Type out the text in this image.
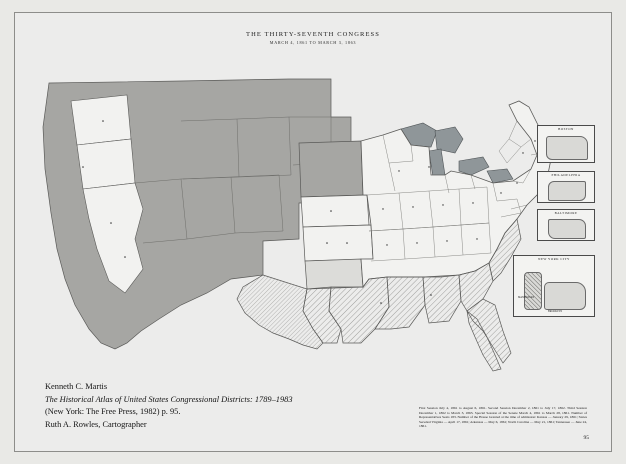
THE THIRTY-SEVENTH CONGRESS
MARCH 4, 1861 TO MARCH 3, 1863
BOSTON
PHILADELPHIA
BALTIMORE
NEW YORK CITY
MANHATTAN
BROOKLYN
Kenneth C. Martis
The Historical Atlas of United States Congressional Districts: 1789–1983
(New York: The Free Press, 1982) p. 95.
Ruth A. Rowles, Cartographer
First Session July 4, 1861 to August 6, 1861. Second Session December 2, 1861 to July 17, 1862. Third Session December 1, 1862 to March 3, 1863. Special Session of the Senate March 4, 1861 to March 28, 1861. Number of Representatives Seats 183. Number of the House Granted at the time of admission: Kansas — January 29, 1861; States Seceded Virginia — April 17, 1861; Arkansas — May 6, 1861; North Carolina — May 21, 1861; Tennessee — June 24, 1861.
95
